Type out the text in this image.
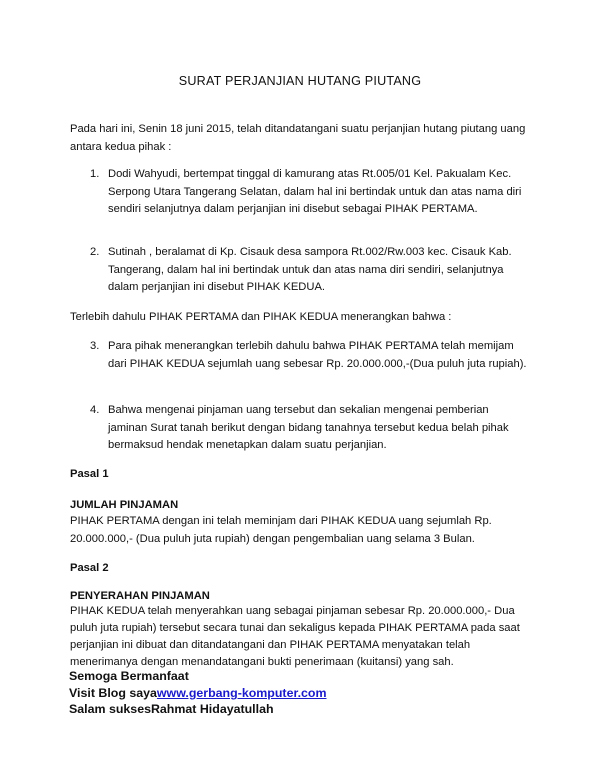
SURAT PERJANJIAN HUTANG PIUTANG
Pada hari ini, Senin 18 juni 2015, telah ditandatangani suatu perjanjian hutang piutang uang antara kedua pihak :
1. Dodi Wahyudi, bertempat tinggal di kamurang atas Rt.005/01 Kel. Pakualam Kec. Serpong Utara Tangerang Selatan, dalam hal ini bertindak untuk dan atas nama diri sendiri selanjutnya dalam perjanjian ini disebut sebagai PIHAK PERTAMA.
2. Sutinah , beralamat di Kp. Cisauk desa sampora Rt.002/Rw.003 kec. Cisauk Kab. Tangerang, dalam hal ini bertindak untuk dan atas nama diri sendiri, selanjutnya dalam perjanjian ini disebut PIHAK KEDUA.
Terlebih dahulu PIHAK PERTAMA dan PIHAK KEDUA menerangkan bahwa :
3. Para pihak menerangkan terlebih dahulu bahwa PIHAK PERTAMA telah memijam dari PIHAK KEDUA sejumlah uang sebesar Rp. 20.000.000,-(Dua puluh juta rupiah).
4. Bahwa mengenai pinjaman uang tersebut dan sekalian mengenai pemberian jaminan Surat tanah berikut dengan bidang tanahnya tersebut kedua belah pihak bermaksud hendak menetapkan dalam suatu perjanjian.
Pasal 1
JUMLAH PINJAMAN
PIHAK PERTAMA dengan ini telah meminjam dari PIHAK KEDUA uang sejumlah Rp. 20.000.000,- (Dua puluh juta rupiah) dengan pengembalian uang selama 3 Bulan.
Pasal 2
PENYERAHAN PINJAMAN
PIHAK KEDUA telah menyerahkan uang sebagai pinjaman sebesar Rp. 20.000.000,- Dua puluh juta rupiah) tersebut secara tunai dan sekaligus kepada PIHAK PERTAMA pada saat perjanjian ini dibuat dan ditandatangani dan PIHAK PERTAMA menyatakan telah menerimanya dengan menandatangani bukti penerimaan (kuitansi) yang sah.
Semoga Bermanfaat
Visit Blog sayawww.gerbang-komputer.com
Salam suksesRahmat Hidayatullah
